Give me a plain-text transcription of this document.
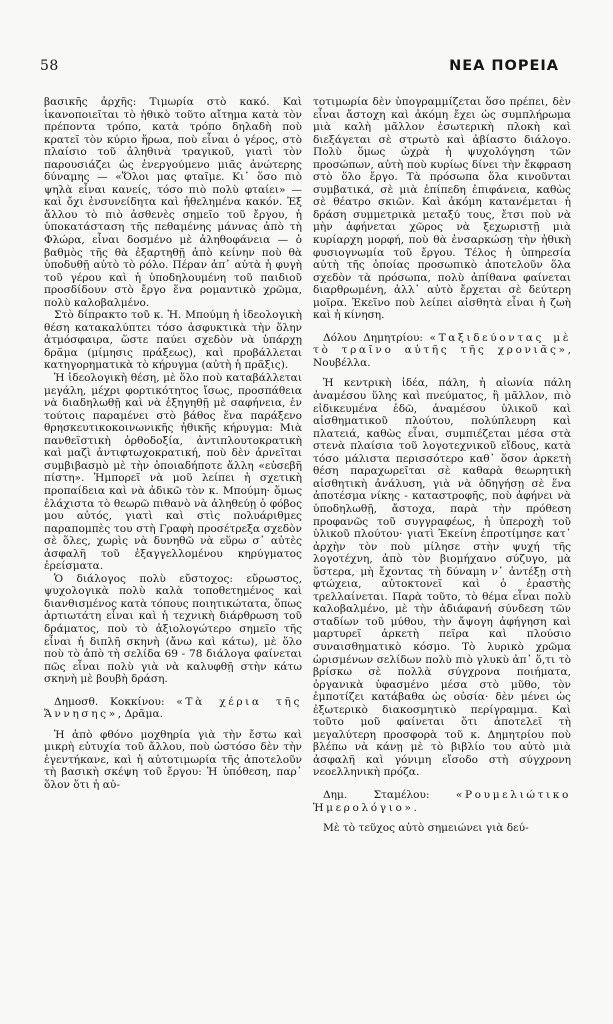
58	ΝΕΑ ΠΟΡΕΙΑ

βασικῆς ἀρχῆς: Τιμωρία στὸ κακό. Καὶ ἱκανοποιεῖται τὸ ἠθικὸ τοῦτο αἴτημα κατὰ τὸν πρέποντα τρόπο, κατὰ τρόπο δηλαδὴ ποὺ κρατεῖ τὸν κύριο ἥρωα, ποὺ εἶναι ὁ γέρος, στὸ πλαίσιο τοῦ ἀληθινὰ τραγικοῦ, γιατὶ τὸν παρουσιάζει ὡς ἐνεργούμενο μιᾶς ἀνώτερης δύναμης — «Ὅλοι μας φταῖμε. Κι᾿ ὅσο πιὸ ψηλὰ εἶναι κανείς, τόσο πιὸ πολὺ φταίει» — καὶ ὄχι ἐνσυνείδητα καὶ ἠθελημένα κακόν. Ἐξ ἄλλου τὸ πιὸ ἀσθενὲς σημεῖο τοῦ ἔργου, ἡ ὑποκατάσταση τῆς πεθαμένης μάννας ἀπὸ τὴ Φλώρα, εἶναι δοσμένο μὲ ἀληθοφάνεια — ὁ βαθμὸς τῆς θὰ ἐξαρτηθῇ ἀπὸ κείνην ποὺ θὰ ὑποδυθῇ αὐτὸ τὸ ρόλο. Πέραν ἀπ᾿ αὐτὰ ἡ φυγὴ τοῦ γέρου καὶ ἡ ὑποδηλουμένη τοῦ παιδιοῦ προσδίδουν στὸ ἔργο ἕνα ρομαντικὸ χρῶμα, πολὺ καλοβαλμένο.

Στὸ δίπρακτο τοῦ κ. Ἡ. Μπούμη ἡ ἰδεολογικὴ θέση κατακαλύπτει τόσο ἀσφυκτικὰ τὴν ὅλην ἀτμόσφαιρα, ὥστε παύει σχεδὸν νὰ ὑπάρχῃ δρᾶμα (μίμησις πράξεως), καὶ προβάλλεται κατηγορηματικὰ τὸ κήρυγμα (αὐτὴ ἡ πρᾶξις).

Ἡ ἰδεολογικὴ θέση, μὲ ὅλο ποὺ καταβάλλεται μεγάλη, μέχρι φορτικότητος ἴσως, προσπάθεια νὰ διαδηλωθῇ καὶ νὰ ἐξηγηθῇ μὲ σαφήνεια, ἐν τούτοις παραμένει στὸ βάθος ἕνα παράξενο θρησκευτικοκοινωνικῆς ἠθικῆς κήρυγμα: Μιὰ πανθεϊστικὴ ὀρθοδοξία, ἀντιπλουτοκρατικὴ καὶ μαζὶ ἀντιφτωχοκρατική, ποὺ δὲν ἀρνεῖται συμβιβασμὸ μὲ τὴν ὁποιαδήποτε ἄλλη «εὐσεβῆ πίστη». Ἠμπορεῖ νὰ μοῦ λείπει ἡ σχετικὴ προπαίδεια καὶ νὰ ἀδικῶ τὸν κ. Μπούμη· ὅμως ἐλάχιστα τὸ θεωρῶ πιθανὸ νὰ ἀληθεύῃ ὁ φόβος μου αὐτός, γιατὶ καὶ στὶς πολυάριθμες παραπομπὲς του στὴ Γραφὴ προσέτρεξα σχεδὸν σὲ ὅλες, χωρὶς νὰ δυνηθῶ νὰ εὕρω σ᾿ αὐτὲς ἀσφαλῆ τοῦ ἐξαγγελλομένου κηρύγματος ἐρείσματα.

Ὁ διάλογος πολὺ εὔστοχος: εὔρωστος, ψυχολογικὰ πολὺ καλὰ τοποθετημένος καὶ διανθισμένος κατὰ τόπους ποιητικώτατα, ὅπως ἀρτιωτάτη εἶναι καὶ ἡ τεχνικὴ διάρθρωση τοῦ δράματος, ποὺ τὸ ἀξιολογώτερο σημεῖο τῆς εἶναι ἡ διπλῆ σκηνὴ (ἄνω καὶ κάτω), μὲ ὅλο ποὺ τὸ ἀπὸ τὴ σελίδα 69 - 78 διάλογα φαίνεται πῶς εἶναι πολὺ γιὰ νὰ καλυφθῇ στὴν κάτω σκηνὴ μὲ βουβὴ δράση.

Δημοσθ. Κοκκίνου: «Τὰ χέρια τῆς Ἄννησης», Δρᾶμα.

Ἡ ἀπὸ φθόνο μοχθηρία γιὰ τὴν ἔστω καὶ μικρὴ εὐτυχία τοῦ ἄλλου, ποὺ ὡστόσο δὲν τὴν ἐγεντήκανε, καὶ ἡ αὐτοτιμωρία τῆς ἀποτελοῦν τὴ βασικὴ σκέψη τοῦ ἔργου: Ἡ ὑπόθεση, παρ᾿ ὅλον ὅτι ἡ αὐ-

τοτιμωρία δὲν ὑπογραμμίζεται ὅσο πρέπει, δὲν εἶναι ἄστοχη καὶ ἀκόμη ἔχει ὡς συμπλήρωμα μιὰ καλὴ μᾶλλον ἐσωτερικὴ πλοκὴ καὶ διεξάγεται σὲ στρωτὸ καὶ ἀβίαστο διάλογο. Πολὺ ὅμως ὠχρὰ ἡ ψυχολόγηση τῶν προσώπων, αὐτὴ ποὺ κυρίως δίνει τὴν ἔκφραση στὸ ὅλο ἔργο. Τὰ πρόσωπα ὅλα κινοῦνται συμβατικά, σὲ μιὰ ἐπίπεδη ἐπιφάνεια, καθὼς σὲ θέατρο σκιῶν. Καὶ ἀκόμη κατανέμεται ἡ δράση συμμετρικὰ μεταξύ τους, ἔτσι ποὺ νὰ μὴν ἀφήνεται χῶρος νὰ ξεχωριστῇ μιὰ κυρίαρχη μορφή, ποὺ θὰ ἐνσαρκώσῃ τὴν ἠθικὴ φυσιογνωμία τοῦ ἔργου. Τέλος ἡ ὑπηρεσία αὐτὴ τῆς ὁποίας προσωπικὸ ἀποτελοῦν ὅλα σχεδὸν τὰ πρόσωπα, πολὺ ἀπίθανα φαίνεται διαρθρωμένη, ἀλλ᾿ αὐτὸ ἔρχεται σὲ δεύτερη μοῖρα. Ἐκεῖνο ποὺ λείπει αἰσθητὰ εἶναι ἡ ζωὴ καὶ ἡ κίνηση.

Δόλου Δημητρίου: «Ταξιδεύοντας μὲ τὸ τραῖνο αὐτῆς τῆς χρονιᾶς», Νουβέλλα.

Ἡ κεντρικὴ ἰδέα, πάλη, ἡ αἰωνία πάλη ἀναμέσου ὕλης καὶ πνεύματος, ἢ μᾶλλον, πιὸ εἰδικευμένα ἐδῶ, ἀναμέσου ὑλικοῦ καὶ αἰσθηματικοῦ πλούτου, πολύπλευρη καὶ πλατειά, καθὼς εἶναι, συμπιέζεται μέσα στὰ στενὰ πλαίσια τοῦ λογοτεχνικοῦ εἴδους, κατὰ τόσο μάλιστα περισσότερο καθ᾿ ὅσον ἀρκετὴ θέση παραχωρεῖται σὲ καθαρὰ θεωρητικὴ αἰσθητικὴ ἀνάλυση, γιὰ νὰ ὁδηγήσῃ σὲ ἕνα ἀποτέσμα νίκης - καταστροφῆς, ποὺ ἀφήνει νὰ ὑποδηλωθῇ, ἄστοχα, παρὰ τὴν πρόθεση προφανῶς τοῦ συγγραφέως, ἡ ὑπεροχὴ τοῦ ὑλικοῦ πλούτου· γιατὶ Ἐκείνη ἐπροτίμησε κατ᾿ ἀρχὴν τὸν ποὺ μίλησε στὴν ψυχή τῆς λογοτέχνη, ἀπὸ τὸν βιομήχανο σύζυγο, μὰ ὕστερα, μὴ ἔχοντας τὴ δύναμη ν᾿ ἀντέξῃ στὴ φτώχεια, αὐτοκτονεῖ καὶ ὁ ἐραστὴς τρελλαίνεται. Παρὰ τοῦτο, τὸ θέμα εἶναι πολὺ καλοβαλμένο, μὲ τὴν ἀδιάφανή σύνδεση τῶν σταδίων τοῦ μύθου, τὴν ἄψογη ἀφήγηση καὶ μαρτυρεῖ ἀρκετὴ πεῖρα καὶ πλούσιο συναισθηματικὸ κόσμο. Τὸ λυρικὸ χρῶμα ὡρισμένων σελίδων πολὺ πιὸ γλυκὺ ἀπ᾿ ὅ,τι τὸ βρίσκω σὲ πολλὰ σύγχρονα ποιήματα, ὀργανικὰ ὑφασμένο μέσα στὸ μῦθο, τὸν ἐμποτίζει κατάβαθα ὡς οὐσία· δὲν μένει ὡς ἐξωτερικὸ διακοσμητικὸ περίγραμμα. Καὶ τοῦτο μοῦ φαίνεται ὅτι ἀποτελεῖ τὴ μεγαλύτερη προσφορὰ τοῦ κ. Δημητρίου ποὺ βλέπω νὰ κάνῃ μὲ τὸ βιβλίο του αὐτὸ μιὰ ἀσφαλῆ καὶ γόνιμη εἴσοδο στὴ σύγχρονη νεοελληνικὴ πρόζα.

Δημ. Σταμέλου: «Ρουμελιώτικο Ἡμερολόγιο».

Μὲ τὸ τεῦχος αὐτὸ σημειώνει γιὰ δεύ-
